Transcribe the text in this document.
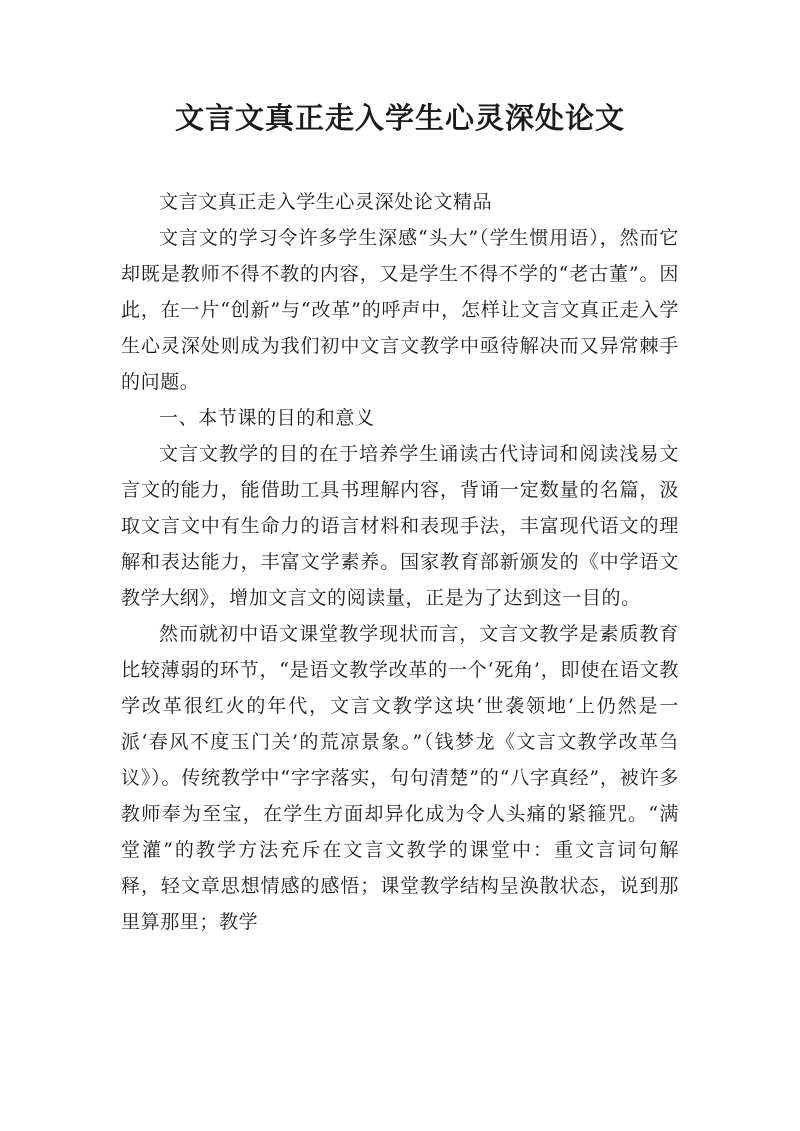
文言文真正走入学生心灵深处论文

文言文真正走入学生心灵深处论文精品

文言文的学习令许多学生深感“头大”（学生惯用语），然而它却既是教师不得不教的内容，又是学生不得不学的“老古董”。因此，在一片“创新”与“改革”的呼声中，怎样让文言文真正走入学生心灵深处则成为我们初中文言文教学中亟待解决而又异常棘手的问题。

一、本节课的目的和意义

文言文教学的目的在于培养学生诵读古代诗词和阅读浅易文言文的能力，能借助工具书理解内容，背诵一定数量的名篇，汲取文言文中有生命力的语言材料和表现手法，丰富现代语文的理解和表达能力，丰富文学素养。国家教育部新颁发的《中学语文教学大纲》，增加文言文的阅读量，正是为了达到这一目的。

然而就初中语文课堂教学现状而言，文言文教学是素质教育比较薄弱的环节，“是语文教学改革的一个‘死角’，即使在语文教学改革很红火的年代，文言文教学这块‘世袭领地’上仍然是一派‘春风不度玉门关’的荒凉景象。”（钱梦龙《文言文教学改革刍议》）。传统教学中“字字落实，句句清楚”的“八字真经”，被许多教师奉为至宝，在学生方面却异化成为令人头痛的紧箍咒。“满堂灌”的教学方法充斥在文言文教学的课堂中：重文言词句解释，轻文章思想情感的感悟；课堂教学结构呈涣散状态，说到那里算那里；教学
